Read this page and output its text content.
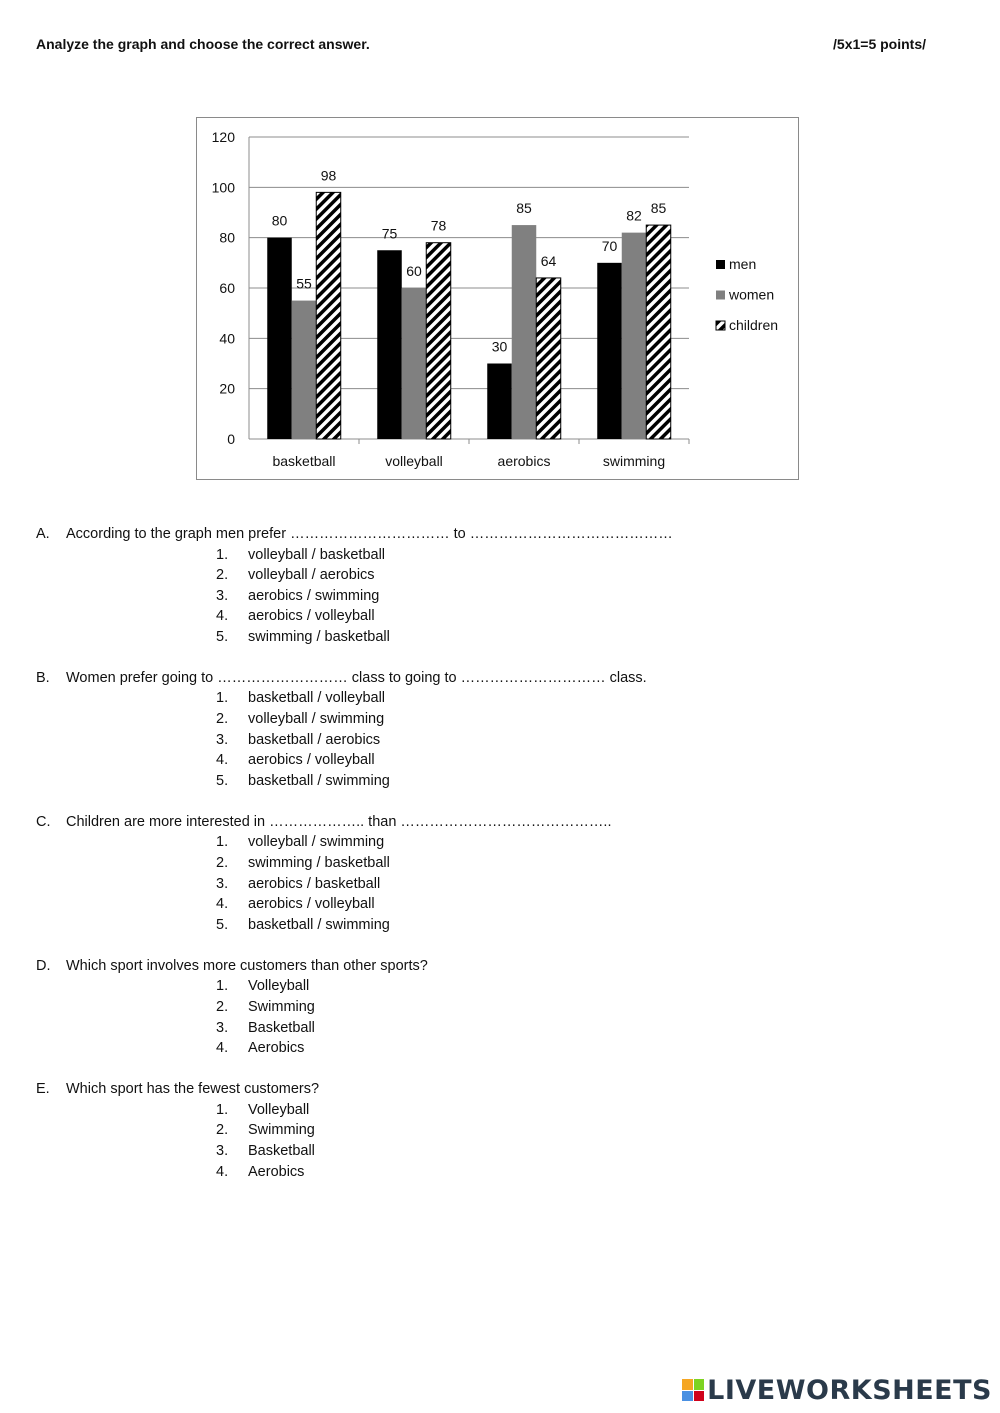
Analyze the graph and choose the correct answer.	/5x1=5 points/
0
20
40
60
80
100
120
basketball
80
55
98
volleyball
75
60
78
aerobics
30
85
64
swimming
70
82 85
men
women
children
A.	According to the graph men prefer …………………………… to ……………………………………
1.	volleyball / basketball
2.	volleyball / aerobics
3.	aerobics / swimming
4.	aerobics / volleyball
5.	swimming / basketball
B.	Women prefer going to ……………………… class to going to ………………………… class.
1.	basketball / volleyball
2.	volleyball / swimming
3.	basketball / aerobics
4.	aerobics / volleyball
5.	basketball / swimming
C.	Children are more interested in ……………….. than ……………………………………..
1.	volleyball / swimming
2.	swimming / basketball
3.	aerobics / basketball
4.	aerobics / volleyball
5.	basketball / swimming
D.	Which sport involves more customers than other sports?
1.	Volleyball
2.	Swimming
3.	Basketball
4.	Aerobics
E.	Which sport has the fewest customers?
1.	Volleyball
2.	Swimming
3.	Basketball
4.	Aerobics
LIVEWORKSHEETS
